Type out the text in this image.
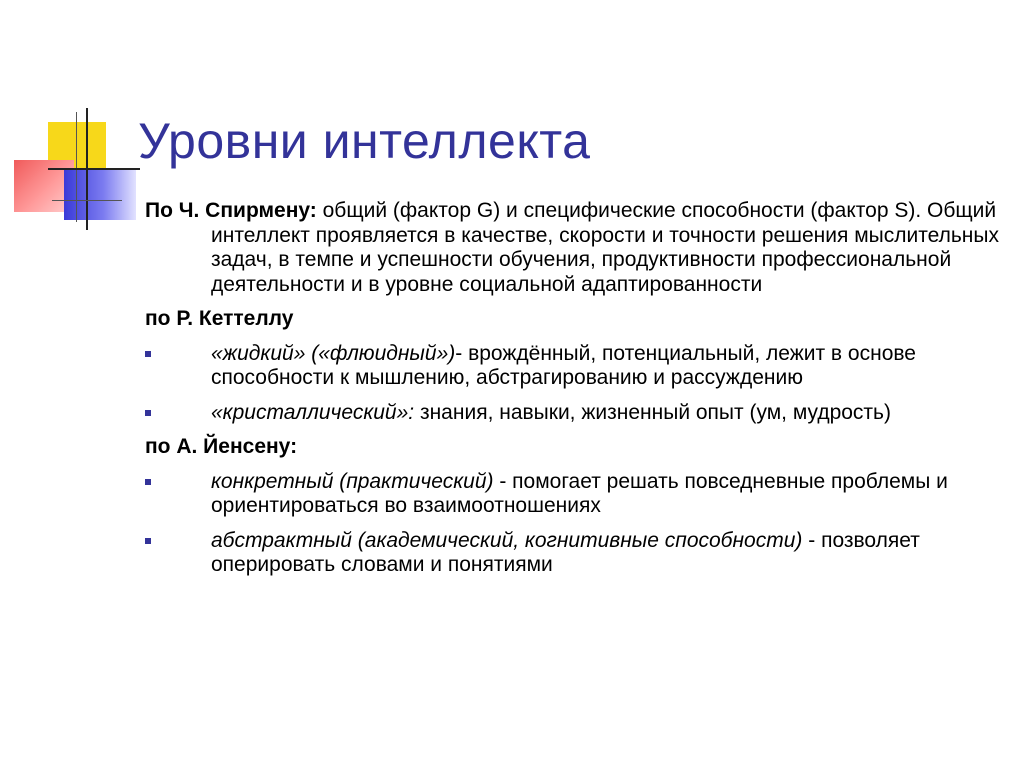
Уровни интеллекта

По Ч. Спирмену: общий (фактор G) и специфические способности (фактор S). Общий интеллект проявляется в качестве, скорости и точности решения мыслительных задач, в темпе и успешности обучения, продуктивности профессиональной деятельности и в уровне социальной адаптированности

по Р. Кеттеллу

«жидкий» («флюидный»)- врождённый, потенциальный, лежит в основе способности к мышлению, абстрагированию и рассуждению
«кристаллический»: знания, навыки, жизненный опыт (ум, мудрость)

по А. Йенсену:

конкретный (практический) - помогает решать повседневные проблемы и ориентироваться во взаимоотношениях
абстрактный (академический, когнитивные способности) - позволяет оперировать словами и понятиями
